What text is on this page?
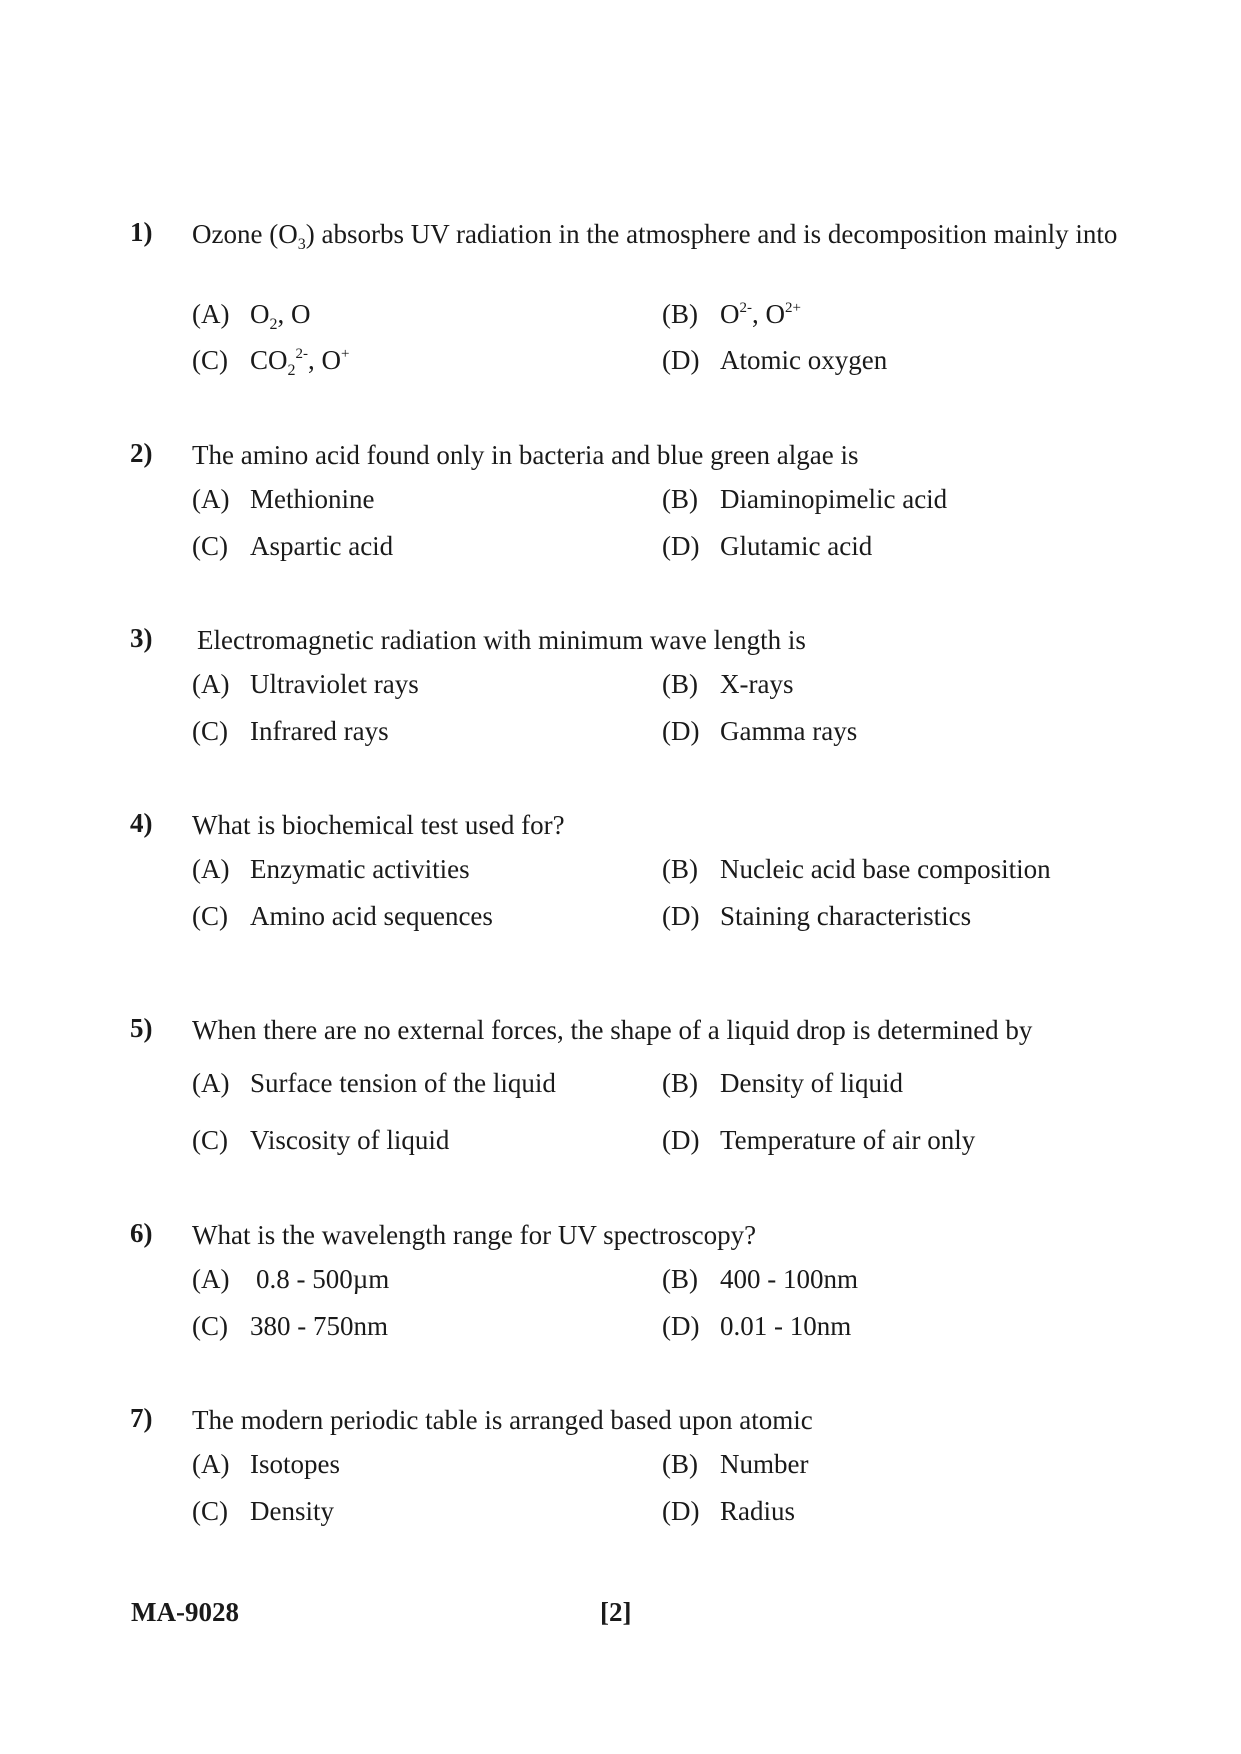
1) Ozone $(O_3)$ absorbs UV radiation in the atmosphere and is decomposition mainly into
(A) $O_2$, O	(B) $O^{2-}$, $O^{2+}$
(C) $CO_2^{2-}$, O+	(D) Atomic oxygen
2) The amino acid found only in bacteria and blue green algae is
(A) Methionine	(B) Diaminopimelic acid
(C) Aspartic acid	(D) Glutamic acid
3) Electromagnetic radiation with minimum wave length is
(A) Ultraviolet rays	(B) X-rays
(C) Infrared rays	(D) Gamma rays
4) What is biochemical test used for?
(A) Enzymatic activities	(B) Nucleic acid base composition
(C) Amino acid sequences	(D) Staining characteristics
5) When there are no external forces, the shape of a liquid drop is determined by
(A) Surface tension of the liquid	(B) Density of liquid
(C) Viscosity of liquid	(D) Temperature of air only
6) What is the wavelength range for UV spectroscopy?
(A) 0.8 - 500µm	(B) 400 - 100nm
(C) 380 - 750nm	(D) 0.01 - 10nm
7) The modern periodic table is arranged based upon atomic
(A) Isotopes	(B) Number
(C) Density	(D) Radius
MA-9028	[2]
